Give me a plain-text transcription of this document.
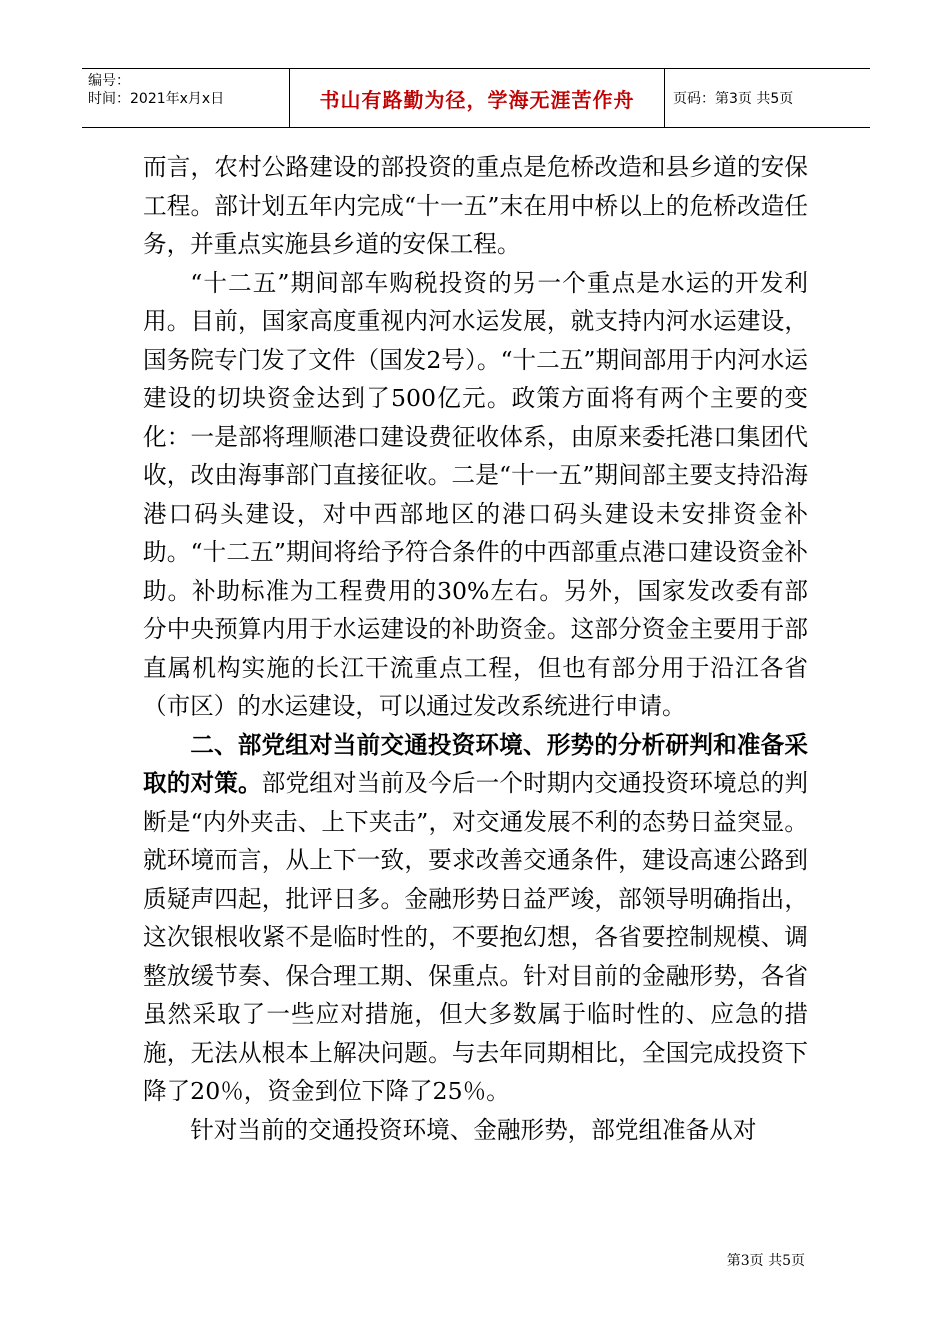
编号：
时间：2021年x月x日	书山有路勤为径，学海无涯苦作舟	页码：第3页 共5页

而言，农村公路建设的部投资的重点是危桥改造和县乡道的安保工程。部计划五年内完成“十一五”末在用中桥以上的危桥改造任务，并重点实施县乡道的安保工程。

“十二五”期间部车购税投资的另一个重点是水运的开发利用。目前，国家高度重视内河水运发展，就支持内河水运建设，国务院专门发了文件（国发2号）。“十二五”期间部用于内河水运建设的切块资金达到了500亿元。政策方面将有两个主要的变化：一是部将理顺港口建设费征收体系，由原来委托港口集团代收，改由海事部门直接征收。二是“十一五”期间部主要支持沿海港口码头建设，对中西部地区的港口码头建设未安排资金补助。“十二五”期间将给予符合条件的中西部重点港口建设资金补助。补助标准为工程费用的30%左右。另外，国家发改委有部分中央预算内用于水运建设的补助资金。这部分资金主要用于部直属机构实施的长江干流重点工程，但也有部分用于沿江各省（市区）的水运建设，可以通过发改系统进行申请。

二、部党组对当前交通投资环境、形势的分析研判和准备采取的对策。部党组对当前及今后一个时期内交通投资环境总的判断是“内外夹击、上下夹击”，对交通发展不利的态势日益突显。就环境而言，从上下一致，要求改善交通条件，建设高速公路到质疑声四起，批评日多。金融形势日益严竣，部领导明确指出，这次银根收紧不是临时性的，不要抱幻想，各省要控制规模、调整放缓节奏、保合理工期、保重点。针对目前的金融形势，各省虽然采取了一些应对措施，但大多数属于临时性的、应急的措施，无法从根本上解决问题。与去年同期相比，全国完成投资下降了20％，资金到位下降了25％。

针对当前的交通投资环境、金融形势，部党组准备从对

第3页 共5页
